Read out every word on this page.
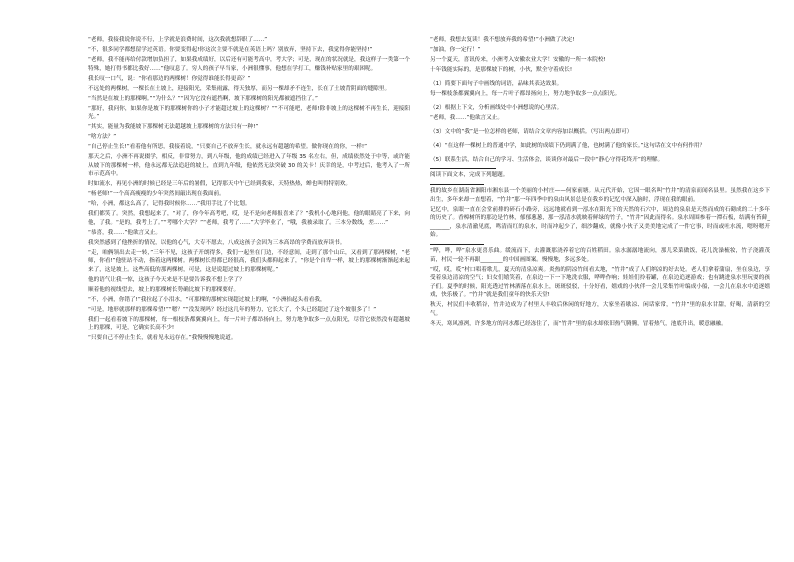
“老师，我接我说你说不行，上学就是浪费时间，这次我就想辞职了……”

“不，很多同学都想留学过英语。你要变得起!你这次主要不就是在英语上吗？别放弃，坚持下去，我觉得你能坚持!”

“老师，我不能再给付款增加负担了，如果我成绩好，以后还有可能考高中，考大学；可是，现在的状况就是，我这样子一类第一个特殊，她打得书都比我好……”他叹息了。穷人的孩子早当家，小洲很懂事，他想在学打工，赚钱补贴家里的艰困呢。

我长叹一口气，说：“你看那边的两棵树！你觉得谁能长得更高？”

不远处的两棵树，一棵长在土坡上，迎接阳光，采集雨露，得天独厚，而另一棵却矛不连生，长在了土坡背阴面的缝隙里。

“当然是在坡上的那棵啊。”“为什么？”“因为它没有遮挡啊，坡下那棵树的阳光都被遮挡住了。”

“那好，我问你，如果你是坡下的那棵树你的小子才能超过坡上的这棵树？”“不可能吧，老师!除非坡上的这棵树不再生长，迎接阳光。”

“其实，能量为我能坡下那棵树无法超越坡上那棵树的方法只有一种!”

“啥方法？”

“自己停止生长!”看着他有所思，我接着说，“只要自己不放弃生长，就永远有超越的希望。做你现在的你，一样!”

那天之后，小洲不再说辍学，相反，非常努力，到八年级，他的成绩已经进入了年级 35 名左右，但，成绩依然处于中等，或许能从坡下的那棵树一样，他永远都无法追赶的坡上，直到九年级，他依然无法突破 30 的关卡！庆幸的是，中考过后，他考入了一所市示范高中。

时如流水，再见小洲的时候已经是三年后的暑假，记得那天中午已经到我家，天特热热，蝉也叫得特别欢。

“杨老师!”一个高高瘦瘦的少年突然间敲出现在我面前。

“哈，小洲，都这么高了，记得我时候你……”我用手比了个比划。

我们都笑了。突然，我想起来了，“对了，你今年高考吧，哎，是不是向老师报喜来了？”我机小心地问他，他的眼睛亮了下来，向他，了我。“是的，我考上了。”“考哪个大学？”“老师，我考了……”大学毕业了，“哦，我被录取了。三本分数线，差……”

“恭喜，我……”他欲言又止。

我突然感到了他挫折的情况，以他的心气，大专不愿去，八成这孩子会因为三本高昂的学费而放弃读书。

“走，咱俩领出去走一转，”三年不见，这孩子开朗得多，我们一起坐在门边，不经意间，走到了那个山丘，又看到了那两棵树，“老师，你看!”他驻站不动，指着这两棵树。两棵树长得都已经很高，我们头都仰起来了，“你是个自卑一样，坡上的那棵树渐渐起来起来了，这是坡上。这些高低的那两棵树，可是，这是说超过坡上的那棵树呢。”

他的语气让我一惊，这孩子今天来是不是要告诉我不想上学了？

顺着他的视线望去，坡上的那棵树长势确比坡下的那棵要好。

“不，小洲，你错了!”我拉起了小泪水，“可那棵的那树实现超过坡上的啊，“小洲抬起头看看我，

“可是，地形就那样的那棵希望!”“嗯？”“没发现吗？经过这几年的努力，它长大了，个头已经超过了这个坡很多了！”

我们一起看着坡下的那棵树，每一根枝条都翼翼向上，每一片叶子都昂扬向上，努力地争取多一点点阳光，尽管它依然没有超越坡上的那棵，可是，它确实长高不少!

“只要自己不停止生长，就看见永远存在。”我慢慢慢地说道。

“老师，我想去复读！我不想放弃我的希望!”小洲做了决定!

“加油，你一定行！”

另一个夏天，喜讯传来，小洲考入安徽农业大学！安徽的一所一本院校!

十年钱能实际的，是那棵坡下的树，小伙，默全守着成长!

（1）简要下面句子中画线的词语，品味其表达效果。

每一棵枝条都翼翼向上，每一片叶子都昂扬向上，努力地争取多一点点阳光。

（2）根据上下文，分析画线处中小洲想说的心里活。

“老师，我……”他欲言又止。

（3）文中的“我”是一位怎样的老师，请结合文章内容加以概括。（写出两点即可）

（4）“在这样一棵树上的普通中学，如此树的成绩下仍到满了他，也树满了他的家长。”这句话在文中有何作用？

（5）联系生活，结合自己的学习、生活体会，谈谈你对最后一段中“静心守得花终开”的理解。

阅读下面文本，完成下列题题。

我的故乡在湖南省湘阳市湘东县一个美丽的小村庄——何家前塘。从元代开始，它因一眼名叫“竹井”的清泉而闻名县里。虽然我在这乡下出生，多年来却一直想着，“竹井”那一年四季中的泉由风景总是在我乡的记忆中深入脑时，浮现在我的眼前。

记忆中，泉眼一直在会堂前排的碎石小路旁，远远地就看到一泓水在阳光下的天然的石穴中，周边的泉泉是天然而成的石砌成的二十多年的历史了。香樟树所的那边是竹林，郁郁葱葱，那一泓清水就映着鲜绿的竹子，“竹井”因此而得名。泉水周围参着一潭石板，结满有苔藓________，泉水清澈见底，鸣清而红的泉水，时而冲起少了，细沙翻成，就像小伙子又美美地完成了一件它事，时而或吐水流，嗯呀嗯开始。

“哗，哗，哗”泉水更喜乐曲。缓流而下，去灌溉那浇养着它的百姓稻田。泉水潺潺地流向，那儿采菜做饭，花儿洗澡梳妆，竹子浇灌茂苗，村民一轮不再跟________的中国画图案。慢慢地，多远多处。

“哎，哎，哎”村口唱着歌儿，夏天的清泉凉爽。炎热的阴凉竹间看太地，“竹井”成了人们纳凉的好去处。老人们拿着蒲扇，坐在泉边，享受着泉边清凉的空气；妇女们嬉笑着，在泉边一下一下地洗衣服，哗哗作响；娃娃们拎着罐，在泉边追逐游戏；也有跳进泉水里玩耍的孩子们。夏季的时候，阳光透过竹林洒落在泉水上，斑斑驳驳，十分好看，嬉戏的小伙伴一会儿采集竹叶编成小船，一会儿在泉水中追逐嬉戏，快乐极了。“竹井”就是我们童年的快乐天堂!

秋天，村民们丰收稻谷，竹井边成为了村里人丰收后休闲的好地方，大家坐着歇凉、闲话家常，“竹井”里的泉水甘甜，好喝，清新的空气。

冬天，寒风凛冽，许多地方的河水都已经冻住了，而“竹井”里的泉水却依旧热气腾腾，冒着热气，池底升出，暖意融融。
